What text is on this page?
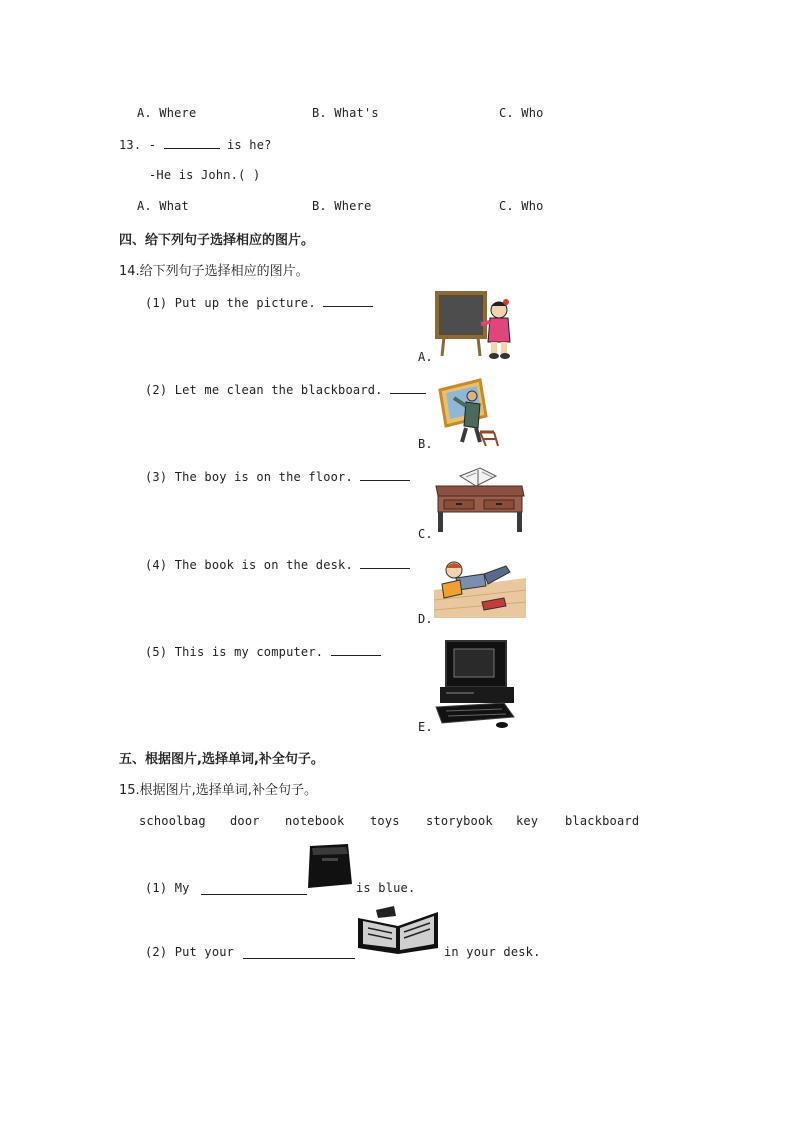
A. Where	B. What's	C. Who
13. -	is he?
-He is John.( )
A. What	B. Where	C. Who
四、给下列句子选择相应的图片。
14.给下列句子选择相应的图片。
(1) Put up the picture.
(2) Let me clean the blackboard.
(3) The boy is on the floor.
(4) The book is on the desk.
(5) This is my computer.
A.
B.
C.
D.
E.
五、根据图片,选择单词,补全句子。
15.根据图片,选择单词,补全句子。
schoolbag door notebook toys storybook key blackboard
(1) My	is blue.
(2) Put your	in your desk.
